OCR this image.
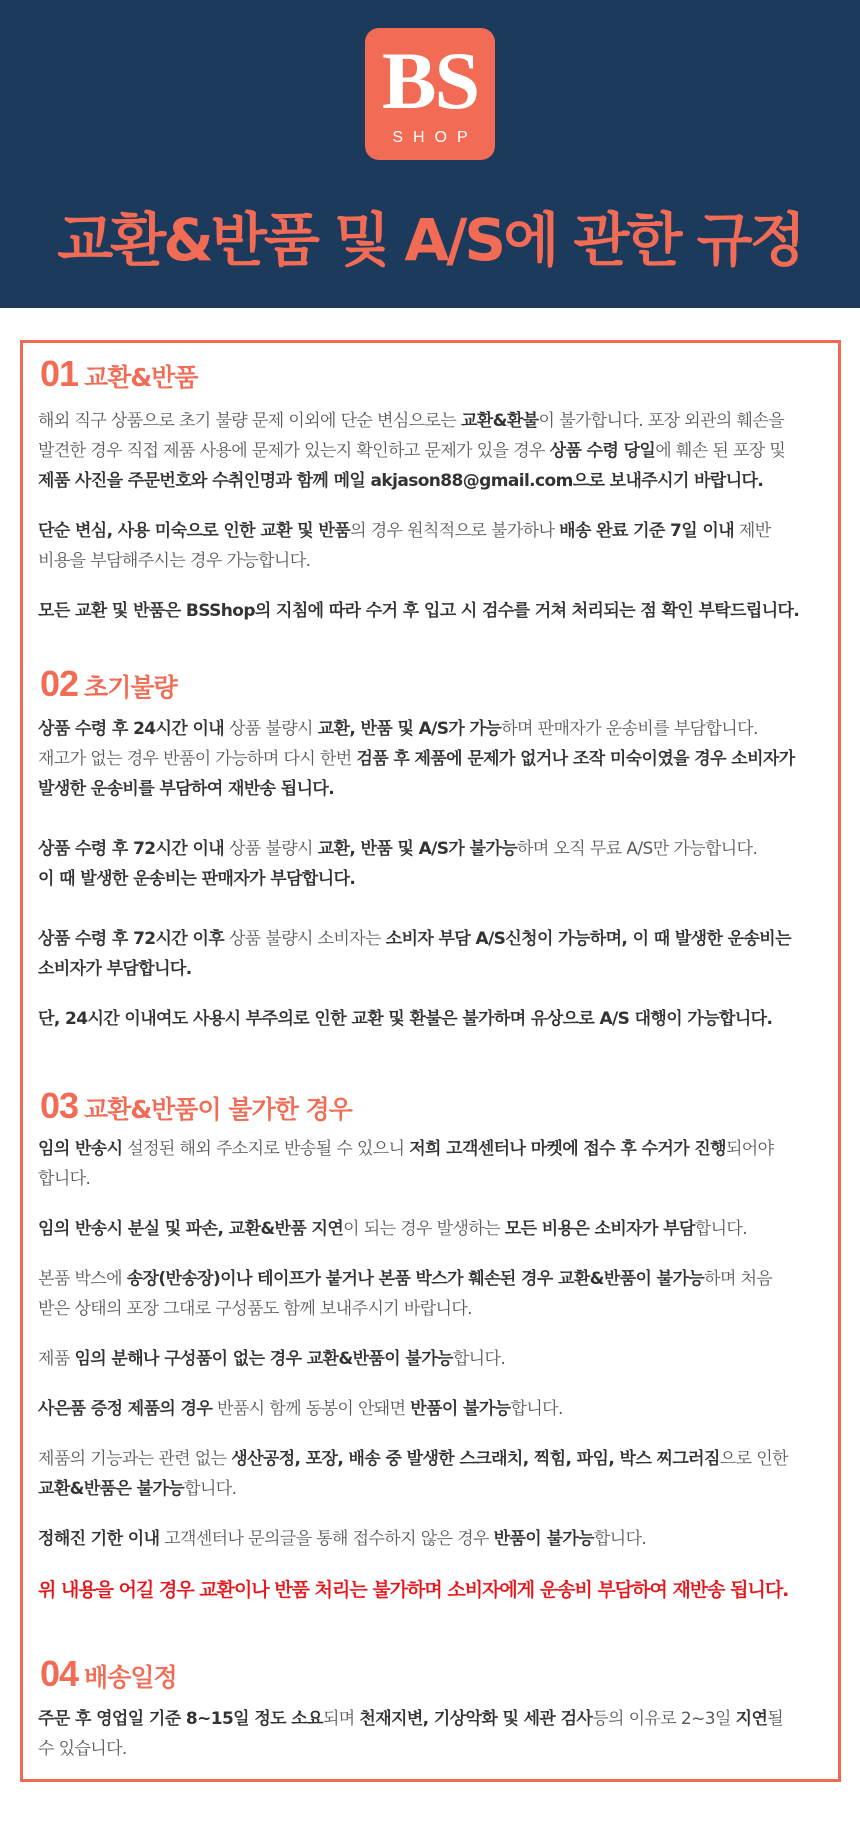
BS
SHOP
교환&반품 및 A/S에 관한 규정
01 교환&반품
해외 직구 상품으로 초기 불량 문제 이외에 단순 변심으로는 교환&환불이 불가합니다. 포장 외관의 훼손을
발견한 경우 직접 제품 사용에 문제가 있는지 확인하고 문제가 있을 경우 상품 수령 당일에 훼손 된 포장 및
제품 사진을 주문번호와 수취인명과 함께 메일 akjason88@gmail.com으로 보내주시기 바랍니다.
단순 변심, 사용 미숙으로 인한 교환 및 반품의 경우 원칙적으로 불가하나 배송 완료 기준 7일 이내 제반
비용을 부담해주시는 경우 가능합니다.
모든 교환 및 반품은 BSShop의 지침에 따라 수거 후 입고 시 검수를 거쳐 처리되는 점 확인 부탁드립니다.
02 초기불량
상품 수령 후 24시간 이내 상품 불량시 교환, 반품 및 A/S가 가능하며 판매자가 운송비를 부담합니다.
재고가 없는 경우 반품이 가능하며 다시 한번 검품 후 제품에 문제가 없거나 조작 미숙이였을 경우 소비자가
발생한 운송비를 부담하여 재반송 됩니다.
상품 수령 후 72시간 이내 상품 불량시 교환, 반품 및 A/S가 불가능하며 오직 무료 A/S만 가능합니다.
이 때 발생한 운송비는 판매자가 부담합니다.
상품 수령 후 72시간 이후 상품 불량시 소비자는 소비자 부담 A/S신청이 가능하며, 이 때 발생한 운송비는
소비자가 부담합니다.
단, 24시간 이내여도 사용시 부주의로 인한 교환 및 환불은 불가하며 유상으로 A/S 대행이 가능합니다.
03 교환&반품이 불가한 경우
임의 반송시 설정된 해외 주소지로 반송될 수 있으니 저희 고객센터나 마켓에 접수 후 수거가 진행되어야
합니다.
임의 반송시 분실 및 파손, 교환&반품 지연이 되는 경우 발생하는 모든 비용은 소비자가 부담합니다.
본품 박스에 송장(반송장)이나 테이프가 붙거나 본품 박스가 훼손된 경우 교환&반품이 불가능하며 처음
받은 상태의 포장 그대로 구성품도 함께 보내주시기 바랍니다.
제품 임의 분해나 구성품이 없는 경우 교환&반품이 불가능합니다.
사은품 증정 제품의 경우 반품시 함께 동봉이 안돼면 반품이 불가능합니다.
제품의 기능과는 관련 없는 생산공정, 포장, 배송 중 발생한 스크래치, 찍힘, 파임, 박스 찌그러짐으로 인한
교환&반품은 불가능합니다.
정해진 기한 이내 고객센터나 문의글을 통해 접수하지 않은 경우 반품이 불가능합니다.
위 내용을 어길 경우 교환이나 반품 처리는 불가하며 소비자에게 운송비 부담하여 재반송 됩니다.
04 배송일정
주문 후 영업일 기준 8~15일 정도 소요되며 천재지변, 기상악화 및 세관 검사등의 이유로 2~3일 지연될
수 있습니다.
